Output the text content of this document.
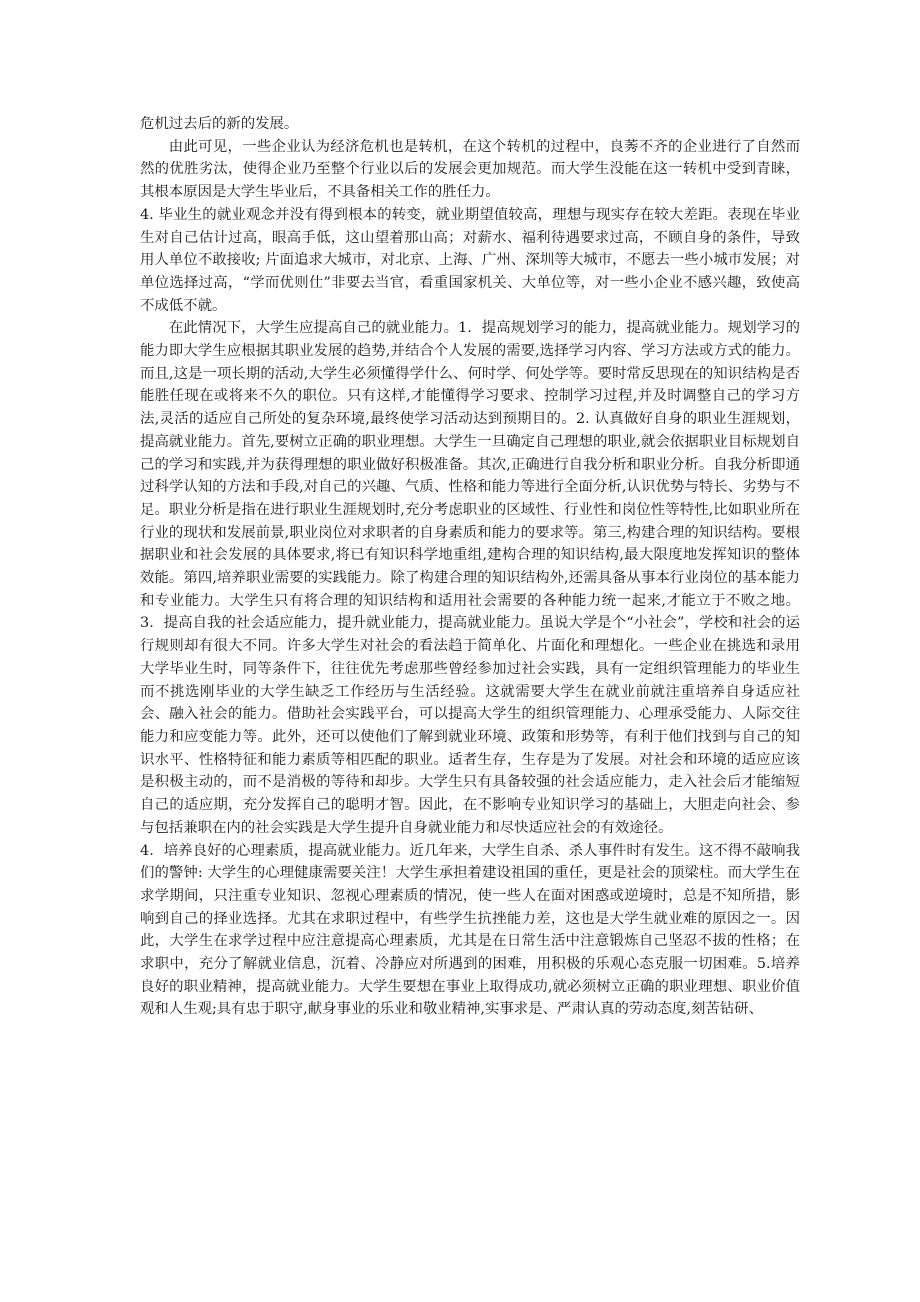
危机过去后的新的发展。

由此可见，一些企业认为经济危机也是转机，在这个转机的过程中，良莠不齐的企业进行了自然而然的优胜劣汰，使得企业乃至整个行业以后的发展会更加规范。而大学生没能在这一转机中受到青睐，其根本原因是大学生毕业后，不具备相关工作的胜任力。

4. 毕业生的就业观念并没有得到根本的转变，就业期望值较高，理想与现实存在较大差距。表现在毕业生对自己估计过高，眼高手低，这山望着那山高；对薪水、福利待遇要求过高，不顾自身的条件，导致用人单位不敢接收; 片面追求大城市，对北京、上海、广州、深圳等大城市，不愿去一些小城市发展；对单位选择过高，“学而优则仕”非要去当官，看重国家机关、大单位等，对一些小企业不感兴趣，致使高不成低不就。

在此情况下，大学生应提高自己的就业能力。1．提高规划学习的能力，提高就业能力。规划学习的能力即大学生应根据其职业发展的趋势,并结合个人发展的需要,选择学习内容、学习方法或方式的能力。而且,这是一项长期的活动,大学生必须懂得学什么、何时学、何处学等。要时常反思现在的知识结构是否能胜任现在或将来不久的职位。只有这样,才能懂得学习要求、控制学习过程,并及时调整自己的学习方法,灵活的适应自己所处的复杂环境,最终使学习活动达到预期目的。2. 认真做好自身的职业生涯规划，提高就业能力。首先,要树立正确的职业理想。大学生一旦确定自己理想的职业,就会依据职业目标规划自己的学习和实践,并为获得理想的职业做好积极准备。其次,正确进行自我分析和职业分析。自我分析即通过科学认知的方法和手段,对自己的兴趣、气质、性格和能力等进行全面分析,认识优势与特长、劣势与不足。职业分析是指在进行职业生涯规划时,充分考虑职业的区域性、行业性和岗位性等特性,比如职业所在行业的现状和发展前景,职业岗位对求职者的自身素质和能力的要求等。第三,构建合理的知识结构。要根据职业和社会发展的具体要求,将已有知识科学地重组,建构合理的知识结构,最大限度地发挥知识的整体效能。第四,培养职业需要的实践能力。除了构建合理的知识结构外,还需具备从事本行业岗位的基本能力和专业能力。大学生只有将合理的知识结构和适用社会需要的各种能力统一起来,才能立于不败之地。3．提高自我的社会适应能力，提升就业能力，提高就业能力。虽说大学是个“小社会”，学校和社会的运行规则却有很大不同。许多大学生对社会的看法趋于简单化、片面化和理想化。一些企业在挑选和录用大学毕业生时，同等条件下，往往优先考虑那些曾经参加过社会实践，具有一定组织管理能力的毕业生而不挑选刚毕业的大学生缺乏工作经历与生活经验。这就需要大学生在就业前就注重培养自身适应社会、融入社会的能力。借助社会实践平台，可以提高大学生的组织管理能力、心理承受能力、人际交往能力和应变能力等。此外，还可以使他们了解到就业环境、政策和形势等，有利于他们找到与自己的知识水平、性格特征和能力素质等相匹配的职业。适者生存，生存是为了发展。对社会和环境的适应应该是积极主动的，而不是消极的等待和却步。大学生只有具备较强的社会适应能力，走入社会后才能缩短自己的适应期，充分发挥自己的聪明才智。因此，在不影响专业知识学习的基础上，大胆走向社会、参与包括兼职在内的社会实践是大学生提升自身就业能力和尽快适应社会的有效途径。

4．培养良好的心理素质，提高就业能力。近几年来，大学生自杀、杀人事件时有发生。这不得不敲响我们的警钟: 大学生的心理健康需要关注！大学生承担着建设祖国的重任，更是社会的顶梁柱。而大学生在求学期间，只注重专业知识、忽视心理素质的情况，使一些人在面对困惑或逆境时，总是不知所措，影响到自己的择业选择。尤其在求职过程中，有些学生抗挫能力差，这也是大学生就业难的原因之一。因此，大学生在求学过程中应注意提高心理素质，尤其是在日常生活中注意锻炼自己坚忍不拔的性格；在求职中，充分了解就业信息，沉着、冷静应对所遇到的困难，用积极的乐观心态克服一切困难。5.培养良好的职业精神，提高就业能力。大学生要想在事业上取得成功,就必须树立正确的职业理想、职业价值观和人生观;具有忠于职守,献身事业的乐业和敬业精神,实事求是、严肃认真的劳动态度,刻苦钻研、
